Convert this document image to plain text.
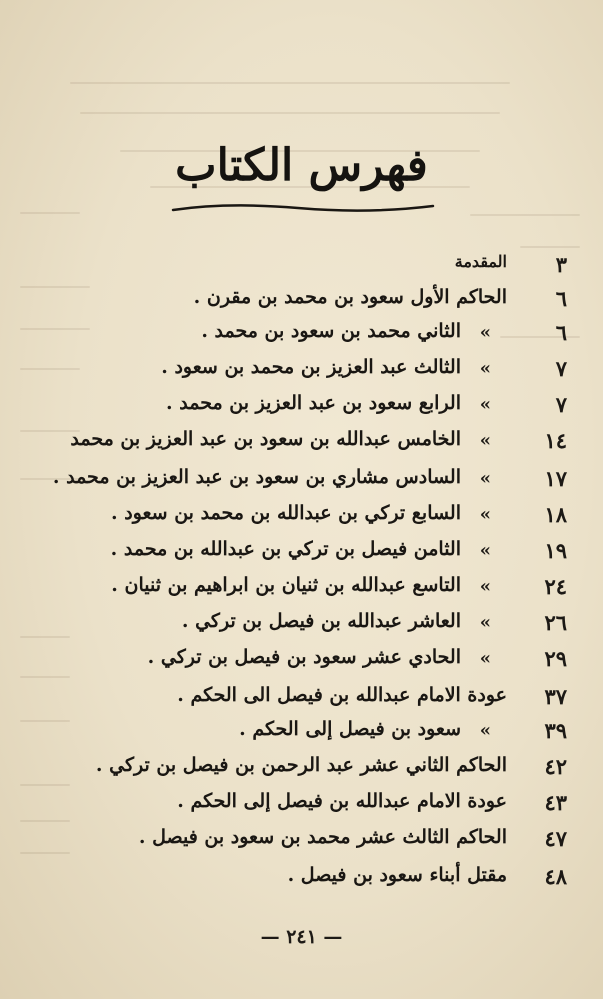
فهرس الكتاب
٣
المقدمة
٦
الحاكم الأول سعود بن محمد بن مقرن .
٦
«
الثاني محمد بن سعود بن محمد .
٧
«
الثالث عبد العزيز بن محمد بن سعود .
٧
«
الرابع سعود بن عبد العزيز بن محمد .
١٤
«
الخامس عبدالله بن سعود بن عبد العزيز بن محمد
١٧
«
السادس مشاري بن سعود بن عبد العزيز بن محمد .
١٨
«
السابع تركي بن عبدالله بن محمد بن سعود .
١٩
«
الثامن فيصل بن تركي بن عبدالله بن محمد .
٢٤
«
التاسع عبدالله بن ثنيان بن ابراهيم بن ثنيان .
٢٦
«
العاشر عبدالله بن فيصل بن تركي .
٢٩
«
الحادي عشر سعود بن فيصل بن تركي .
٣٧
عودة الامام عبدالله بن فيصل الى الحكم .
٣٩
«
سعود بن فيصل إلى الحكم .
٤٢
الحاكم الثاني عشر عبد الرحمن بن فيصل بن تركي .
٤٣
عودة الامام عبدالله بن فيصل إلى الحكم .
٤٧
الحاكم الثالث عشر محمد بن سعود بن فيصل .
٤٨
مقتل أبناء سعود بن فيصل .
— ٢٤١ —
